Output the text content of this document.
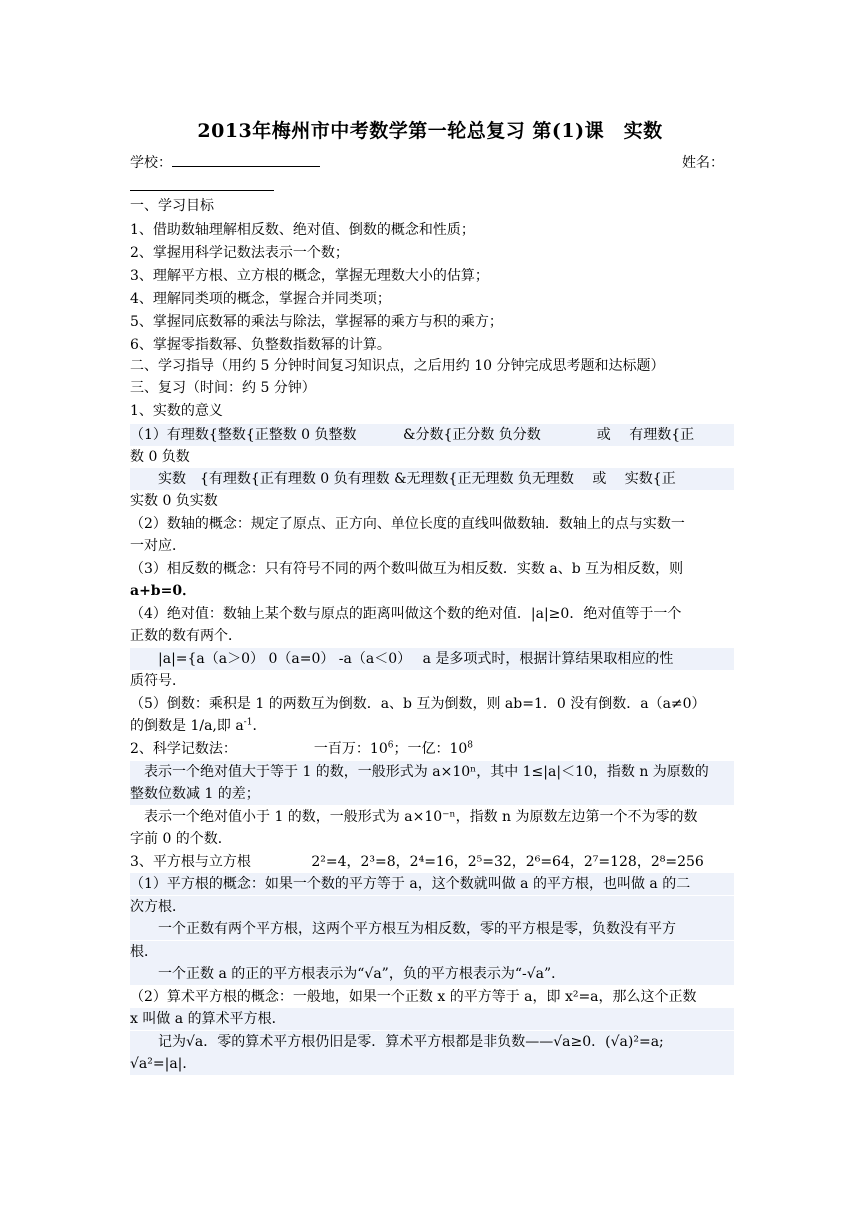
2013年梅州市中考数学第一轮总复习 第(1)课　实数
学校：	姓名：
一、学习目标
1、借助数轴理解相反数、绝对值、倒数的概念和性质；
2、掌握用科学记数法表示一个数；
3、理解平方根、立方根的概念，掌握无理数大小的估算；
4、理解同类项的概念，掌握合并同类项；
5、掌握同底数幂的乘法与除法，掌握幂的乘方与积的乘方；
6、掌握零指数幂、负整数指数幂的计算。
二、学习指导（用约 5 分钟时间复习知识点，之后用约 10 分钟完成思考题和达标题）
三、复习（时间：约 5 分钟）
1、实数的意义
（1）有理数{整数{正整数 0 负整数　　　 &分数{正分数 负分数　　　　或　 有理数{正
数 0 负数
　　实数　{有理数{正有理数 0 负有理数 &无理数{正无理数 负无理数　 或　 实数{正
实数 0 负实数
（2）数轴的概念：规定了原点、正方向、单位长度的直线叫做数轴．数轴上的点与实数一
一对应．
（3）相反数的概念：只有符号不同的两个数叫做互为相反数．实数 a、b 互为相反数，则
a+b=0．
（4）绝对值：数轴上某个数与原点的距离叫做这个数的绝对值．|a|≥0．绝对值等于一个
正数的数有两个．
　　|a|={a（a＞0） 0（a=0） -a（a＜0）　 a 是多项式时，根据计算结果取相应的性
质符号．
（5）倒数：乘积是 1 的两数互为倒数．a、b 互为倒数，则 ab=1．0 没有倒数．a（a≠0）
的倒数是 1/a,即 $a^{-1}$．
2、科学记数法：　　　　　　一百万：$10^6$；一亿：$10^8$
　表示一个绝对值大于等于 1 的数，一般形式为 a×10ⁿ，其中 1≤|a|＜10，指数 n 为原数的
整数位数减 1 的差；
　表示一个绝对值小于 1 的数，一般形式为 a×10⁻ⁿ，指数 n 为原数左边第一个不为零的数
字前 0 的个数．
3、平方根与立方根　　　　 2²=4，2³=8，2⁴=16，2⁵=32，2⁶=64，2⁷=128，2⁸=256
（1）平方根的概念：如果一个数的平方等于 a，这个数就叫做 a 的平方根，也叫做 a 的二
次方根．
　　一个正数有两个平方根，这两个平方根互为相反数，零的平方根是零，负数没有平方
根．
　　一个正数 a 的正的平方根表示为“√a”，负的平方根表示为“-√a”．
（2）算术平方根的概念：一般地，如果一个正数 x 的平方等于 a，即 x²=a，那么这个正数
x 叫做 a 的算术平方根．
　　记为√a．零的算术平方根仍旧是零．算术平方根都是非负数——√a≥0．(√a)²=a;
√a²=|a|．
